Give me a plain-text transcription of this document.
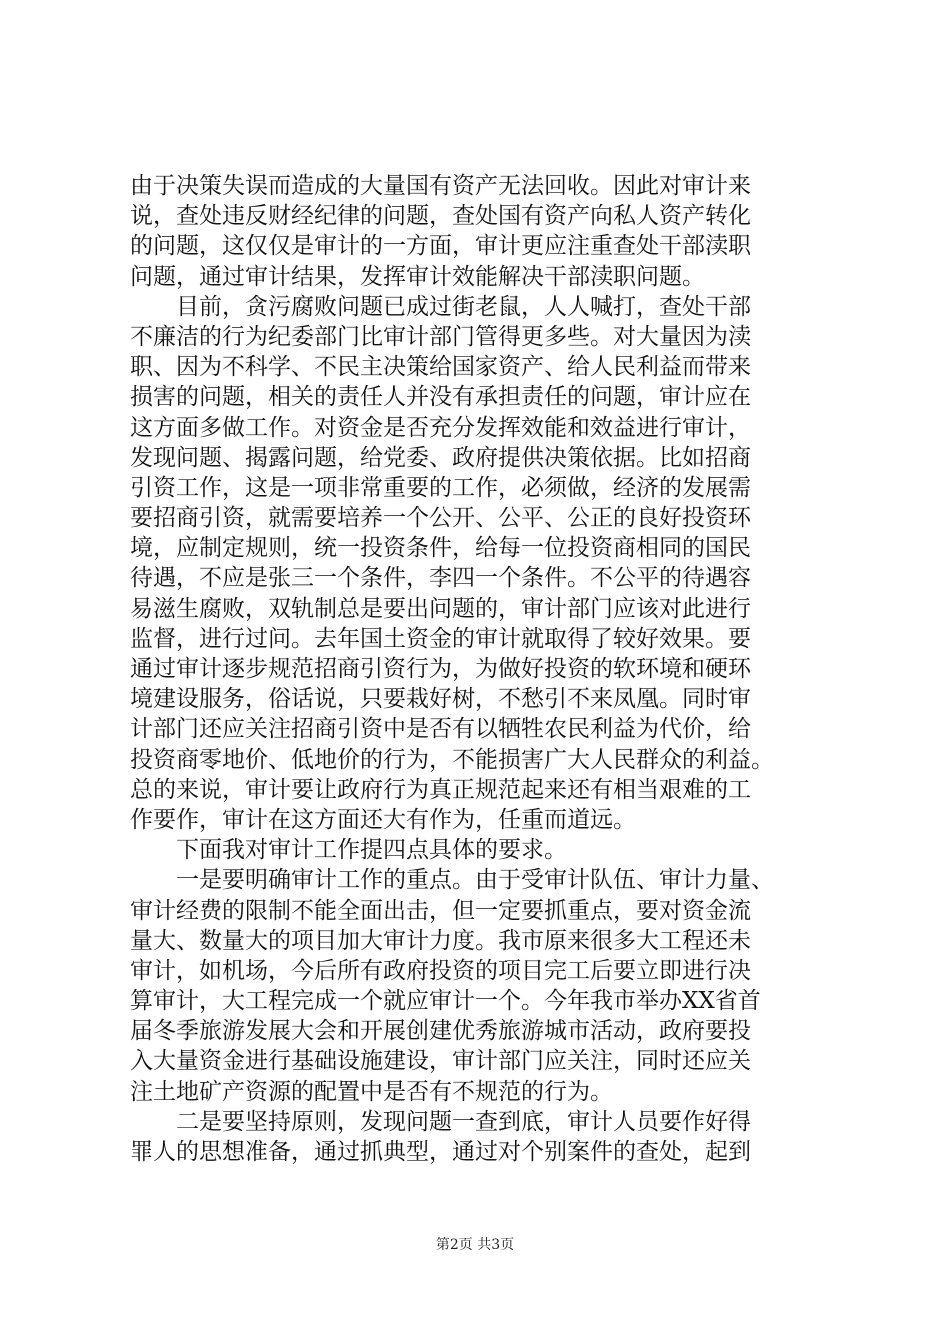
由于决策失误而造成的大量国有资产无法回收。因此对审计来
说，查处违反财经纪律的问题，查处国有资产向私人资产转化
的问题，这仅仅是审计的一方面，审计更应注重查处干部渎职
问题，通过审计结果，发挥审计效能解决干部渎职问题。
　　目前，贪污腐败问题已成过街老鼠，人人喊打，查处干部
不廉洁的行为纪委部门比审计部门管得更多些。对大量因为渎
职、因为不科学、不民主决策给国家资产、给人民利益而带来
损害的问题，相关的责任人并没有承担责任的问题，审计应在
这方面多做工作。对资金是否充分发挥效能和效益进行审计，
发现问题、揭露问题，给党委、政府提供决策依据。比如招商
引资工作，这是一项非常重要的工作，必须做，经济的发展需
要招商引资，就需要培养一个公开、公平、公正的良好投资环
境，应制定规则，统一投资条件，给每一位投资商相同的国民
待遇，不应是张三一个条件，李四一个条件。不公平的待遇容
易滋生腐败，双轨制总是要出问题的，审计部门应该对此进行
监督，进行过问。去年国土资金的审计就取得了较好效果。要
通过审计逐步规范招商引资行为，为做好投资的软环境和硬环
境建设服务，俗话说，只要栽好树，不愁引不来凤凰。同时审
计部门还应关注招商引资中是否有以牺牲农民利益为代价，给
投资商零地价、低地价的行为，不能损害广大人民群众的利益。
总的来说，审计要让政府行为真正规范起来还有相当艰难的工
作要作，审计在这方面还大有作为，任重而道远。
　　下面我对审计工作提四点具体的要求。
　　一是要明确审计工作的重点。由于受审计队伍、审计力量、
审计经费的限制不能全面出击，但一定要抓重点，要对资金流
量大、数量大的项目加大审计力度。我市原来很多大工程还未
审计，如机场，今后所有政府投资的项目完工后要立即进行决
算审计，大工程完成一个就应审计一个。今年我市举办XX省首
届冬季旅游发展大会和开展创建优秀旅游城市活动，政府要投
入大量资金进行基础设施建设，审计部门应关注，同时还应关
注土地矿产资源的配置中是否有不规范的行为。
　　二是要坚持原则，发现问题一查到底，审计人员要作好得
罪人的思想准备，通过抓典型，通过对个别案件的查处，起到
第2页 共3页
